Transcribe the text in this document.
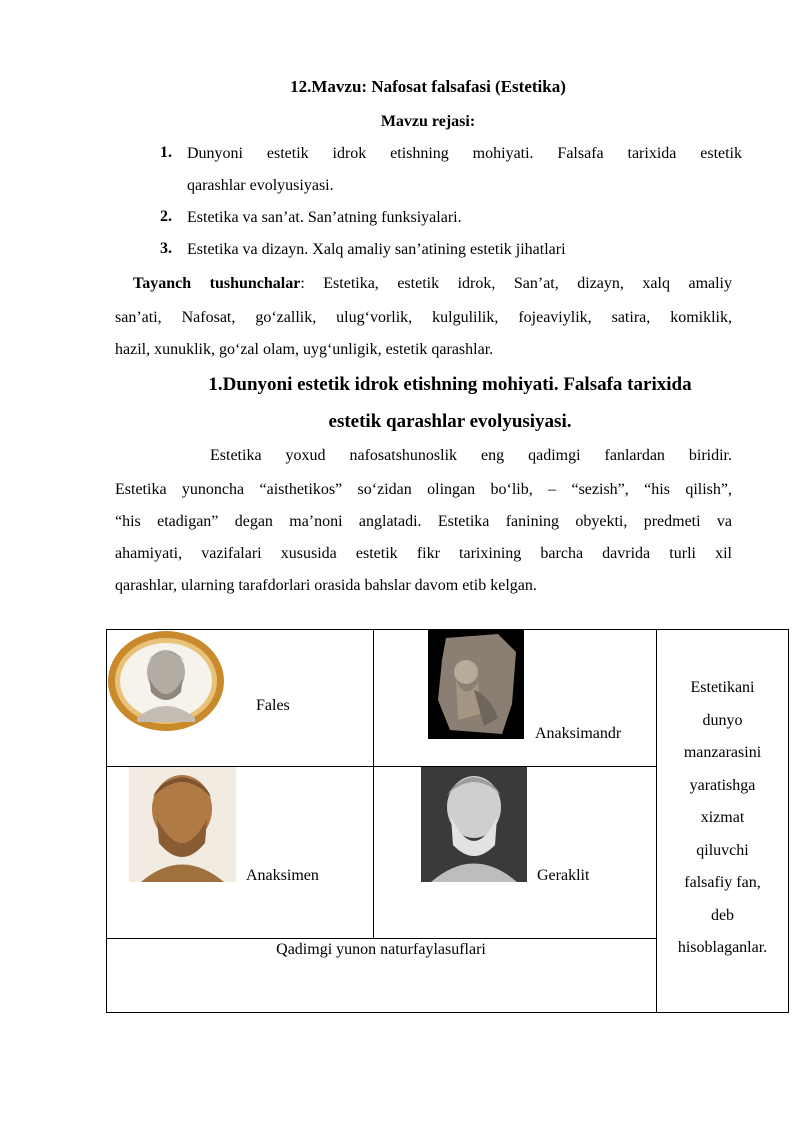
12.Mavzu: Nafosat falsafasi (Estetika)
Mavzu rejasi:
1. Dunyoni estetik idrok etishning mohiyati. Falsafa tarixida estetik
qarashlar evolyusiyasi.
2. Estetika va san’at. San’atning funksiyalari.
3. Estetika va dizayn. Xalq amaliy san’atining estetik jihatlari
Tayanch tushunchalar: Estetika, estetik idrok, San’at, dizayn, xalq amaliy
san’ati, Nafosat, go‘zallik, ulug‘vorlik, kulgulilik, fojeaviylik, satira, komiklik,
hazil, xunuklik, go‘zal olam, uyg‘unligik, estetik qarashlar.
1.Dunyoni estetik idrok etishning mohiyati. Falsafa tarixida
estetik qarashlar evolyusiyasi.
Estetika yoxud nafosatshunoslik eng qadimgi fanlardan biridir.
Estetika yunoncha “aisthetikos” so‘zidan olingan bo‘lib, – “sezish”, “his qilish”,
“his etadigan” degan ma’noni anglatadi. Estetika fanining obyekti, predmeti va
ahamiyati, vazifalari xususida estetik fikr tarixining barcha davrida turli xil
qarashlar, ularning tarafdorlari orasida bahslar davom etib kelgan.
Fales
Anaksimandr
Anaksimen	Geraklit
Qadimgi yunon naturfaylasuflari
Estetikani
dunyo
manzarasini
yaratishga
xizmat
qiluvchi
falsafiy fan,
deb
hisoblaganlar.
